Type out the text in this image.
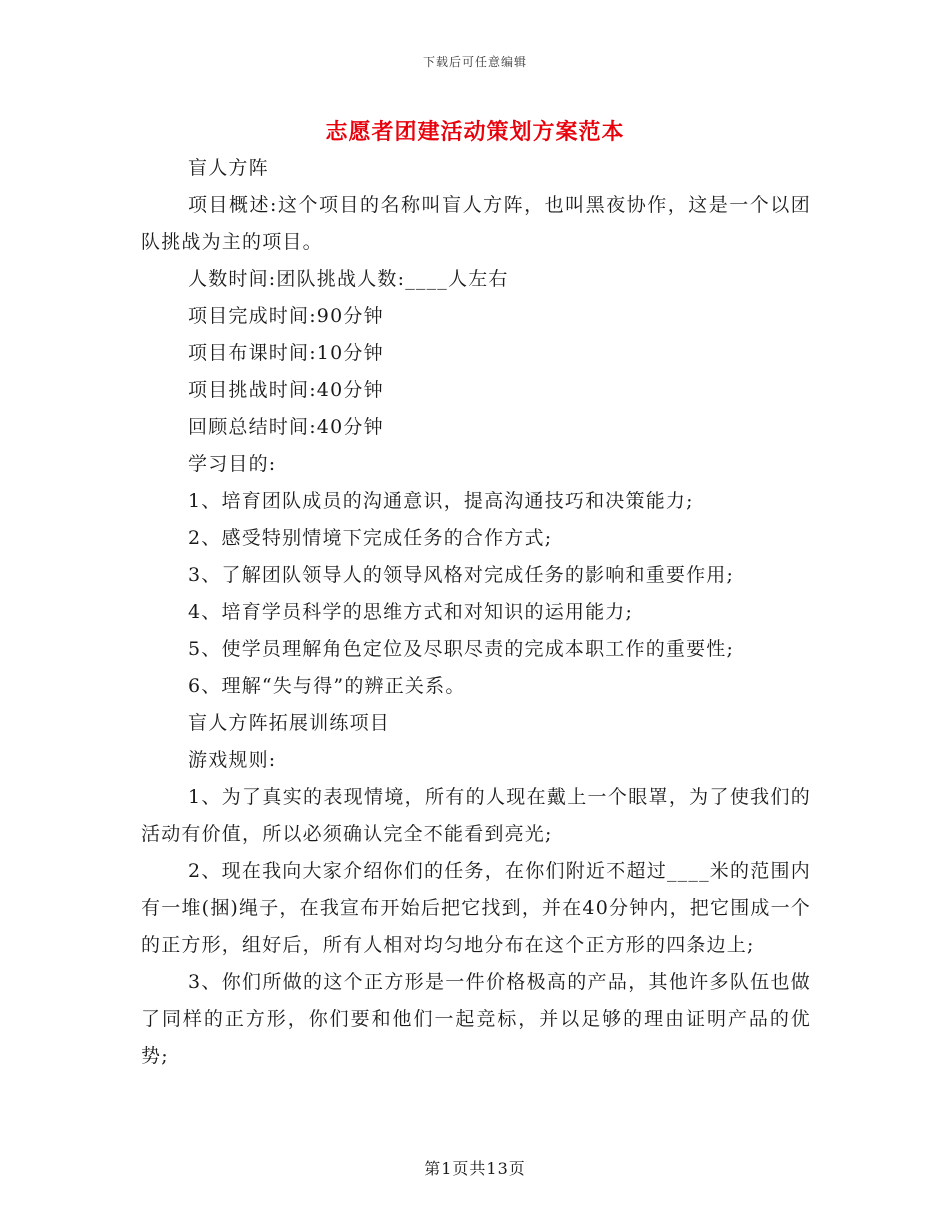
下载后可任意编辑
志愿者团建活动策划方案范本

盲人方阵

项目概述:这个项目的名称叫盲人方阵，也叫黑夜协作，这是一个以团队挑战为主的项目。

人数时间:团队挑战人数:____人左右

项目完成时间:90分钟

项目布课时间:10分钟

项目挑战时间:40分钟

回顾总结时间:40分钟

学习目的:

1、培育团队成员的沟通意识，提高沟通技巧和决策能力;

2、感受特别情境下完成任务的合作方式;

3、了解团队领导人的领导风格对完成任务的影响和重要作用;

4、培育学员科学的思维方式和对知识的运用能力;

5、使学员理解角色定位及尽职尽责的完成本职工作的重要性;

6、理解“失与得”的辨正关系。

盲人方阵拓展训练项目

游戏规则:

1、为了真实的表现情境，所有的人现在戴上一个眼罩，为了使我们的活动有价值，所以必须确认完全不能看到亮光;

2、现在我向大家介绍你们的任务，在你们附近不超过____米的范围内有一堆(捆)绳子，在我宣布开始后把它找到，并在40分钟内，把它围成一个的正方形，组好后，所有人相对均匀地分布在这个正方形的四条边上;

3、你们所做的这个正方形是一件价格极高的产品，其他许多队伍也做了同样的正方形，你们要和他们一起竞标，并以足够的理由证明产品的优势;

第1页共13页
